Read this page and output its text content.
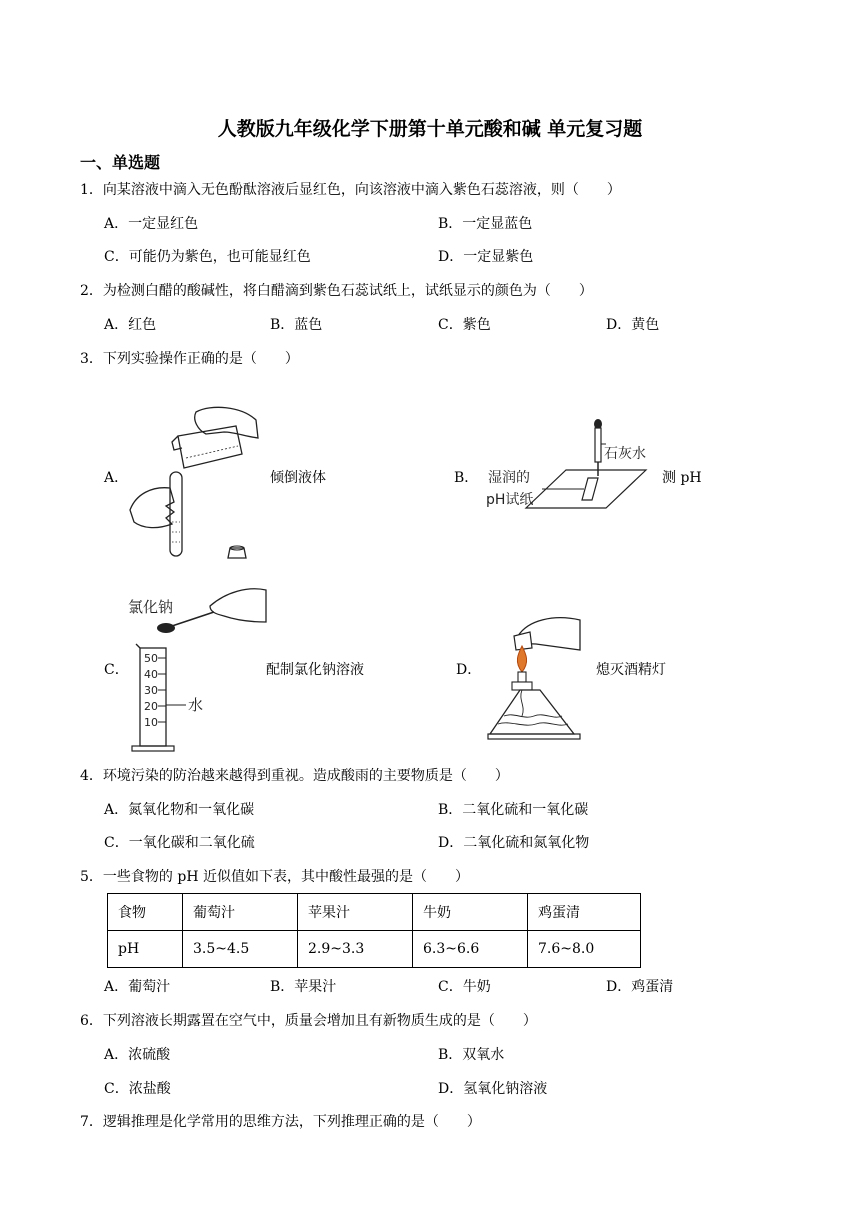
人教版九年级化学下册第十单元酸和碱 单元复习题
一、单选题
1．向某溶液中滴入无色酚酞溶液后显红色，向该溶液中滴入紫色石蕊溶液，则（　　）
A．一定显红色	B．一定显蓝色
C．可能仍为紫色，也可能显红色	D．一定显紫色
2．为检测白醋的酸碱性，将白醋滴到紫色石蕊试纸上，试纸显示的颜色为（　　）
A．红色	B．蓝色	C．紫色	D．黄色
3．下列实验操作正确的是（　　）
A．	倾倒液体	B．
石灰水
湿润的
pH试纸
测 pH
C．
氯化钠
50
40
30
20
10
水
配制氯化钠溶液	D．	熄灭酒精灯
4．环境污染的防治越来越得到重视。造成酸雨的主要物质是（　　）
A．氮氧化物和一氧化碳	B．二氧化硫和一氧化碳
C．一氧化碳和二氧化硫	D．二氧化硫和氮氧化物
5．一些食物的 pH 近似值如下表，其中酸性最强的是（　　）
食物	葡萄汁	苹果汁	牛奶	鸡蛋清
pH	3.5~4.5	2.9~3.3	6.3~6.6	7.6~8.0
A．葡萄汁	B．苹果汁	C．牛奶	D．鸡蛋清
6．下列溶液长期露置在空气中，质量会增加且有新物质生成的是（　　）
A．浓硫酸	B．双氧水
C．浓盐酸	D．氢氧化钠溶液
7．逻辑推理是化学常用的思维方法，下列推理正确的是（　　）
